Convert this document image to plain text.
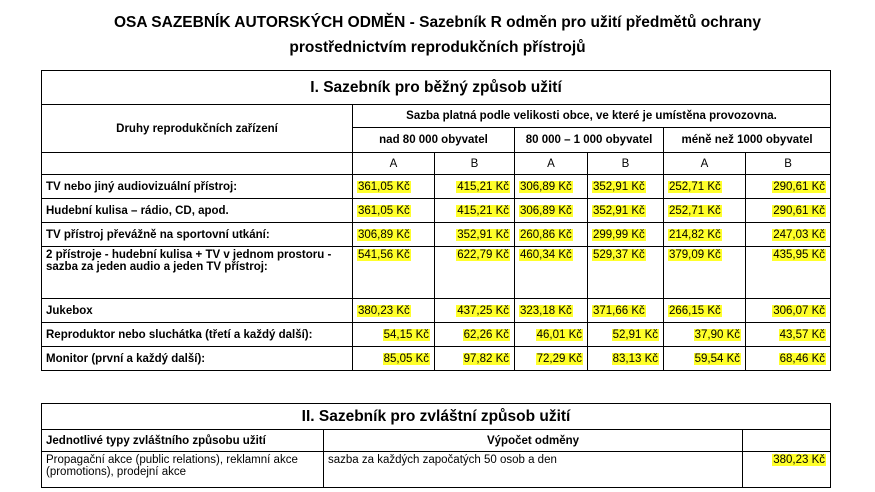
OSA SAZEBNÍK AUTORSKÝCH ODMĚN - Sazebník R odměn pro užití předmětů ochrany
prostřednictvím reprodukčních přístrojů
I. Sazebník pro běžný způsob užití						
Druhy reprodukčních zařízení	Sazba platná podle velikosti obce, ve které je umístěna provozovna.					
	nad 80 000 obyvatel		80 000 – 1 000 obyvatel		méně než 1000 obyvatel	
	A	B	A	B	A	B
TV nebo jiný audiovizuální přístroj:	361,05 Kč	415,21 Kč	306,89 Kč	352,91 Kč	252,71 Kč	290,61 Kč
Hudební kulisa – rádio, CD, apod.	361,05 Kč	415,21 Kč	306,89 Kč	352,91 Kč	252,71 Kč	290,61 Kč
TV přístroj převážně na sportovní utkání:	306,89 Kč	352,91 Kč	260,86 Kč	299,99 Kč	214,82 Kč	247,03 Kč
2 přístroje - hudební kulisa + TV v jednom prostoru - sazba za jeden audio a jeden TV přístroj:	541,56 Kč	622,79 Kč	460,34 Kč	529,37 Kč	379,09 Kč	435,95 Kč
Jukebox	380,23 Kč	437,25 Kč	323,18 Kč	371,66 Kč	266,15 Kč	306,07 Kč
Reproduktor nebo sluchátka (třetí a každý další):	54,15 Kč	62,26 Kč	46,01 Kč	52,91 Kč	37,90 Kč	43,57 Kč
Monitor (první a každý další):	85,05 Kč	97,82 Kč	72,29 Kč	83,13 Kč	59,54 Kč	68,46 Kč
II. Sazebník pro zvláštní způsob užití		
Jednotlivé typy zvláštního způsobu užití	Výpočet odměny	
Propagační akce (public relations), reklamní akce (promotions), prodejní akce	sazba za každých započatých 50 osob a den	380,23 Kč
